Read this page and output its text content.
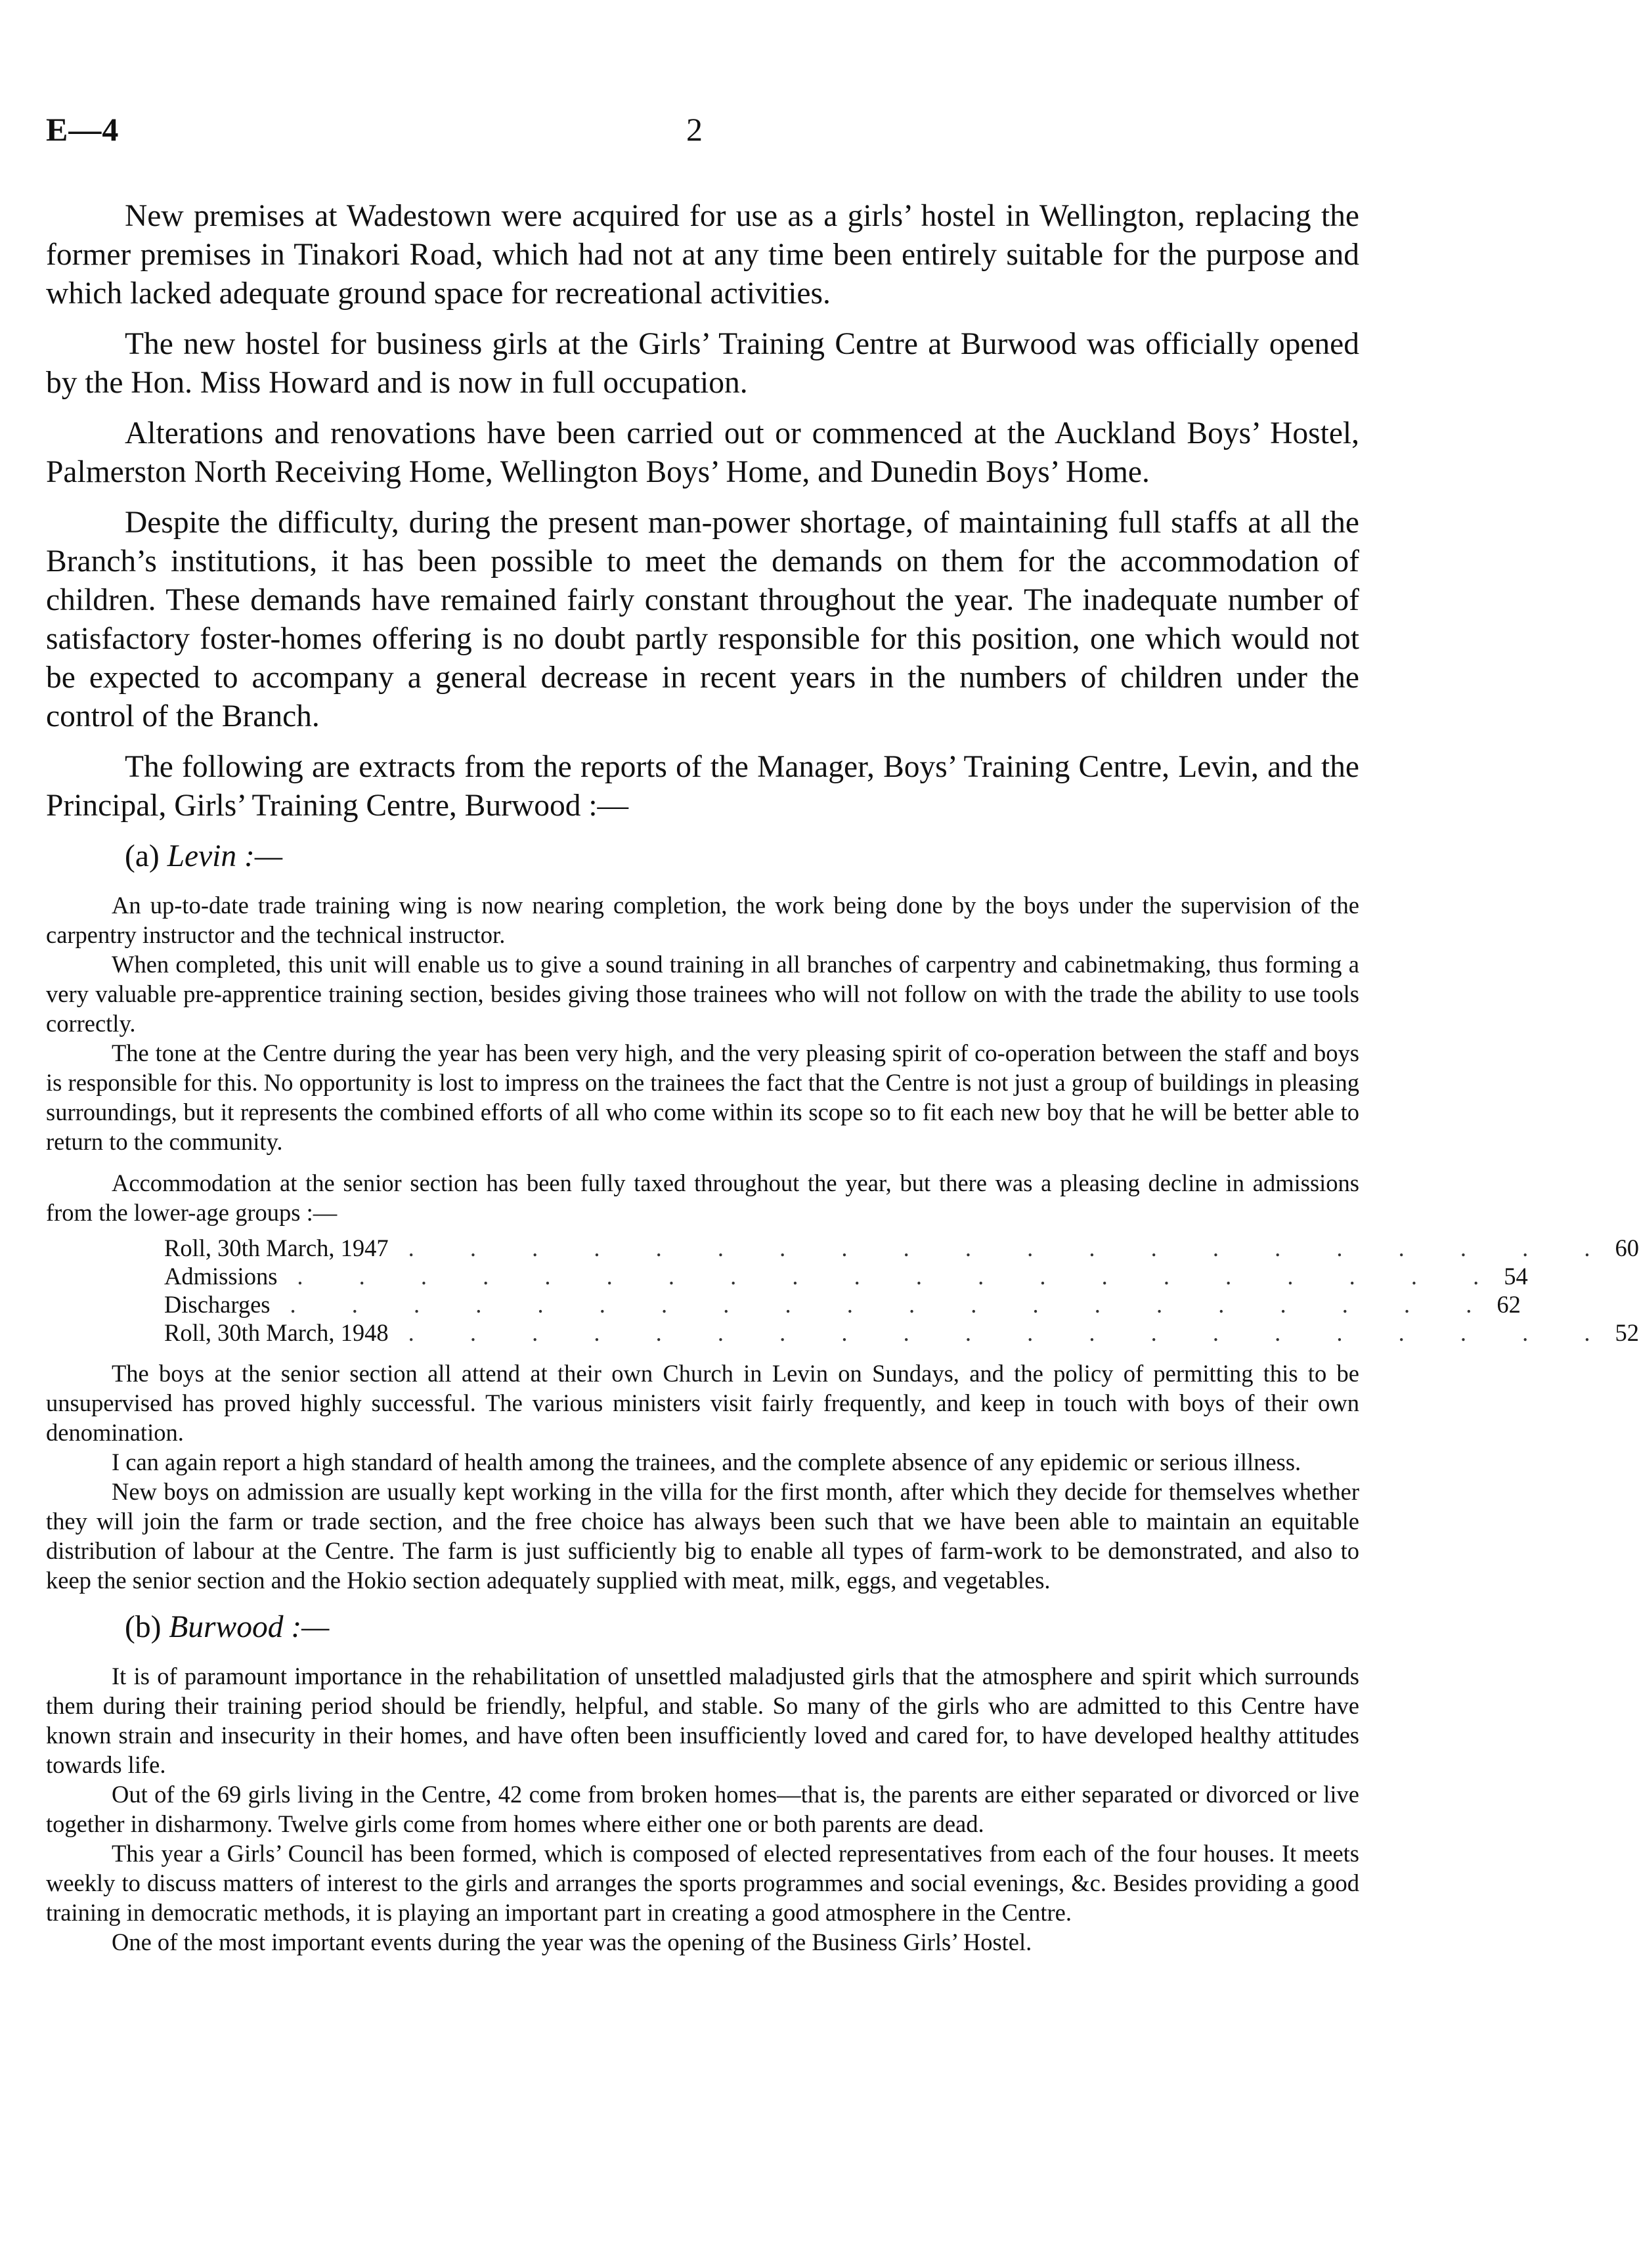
E—4	2

New premises at Wadestown were acquired for use as a girls’ hostel in Wellington, replacing the former premises in Tinakori Road, which had not at any time been entirely suitable for the purpose and which lacked adequate ground space for recreational activities.

The new hostel for business girls at the Girls’ Training Centre at Burwood was officially opened by the Hon. Miss Howard and is now in full occupation.

Alterations and renovations have been carried out or commenced at the Auckland Boys’ Hostel, Palmerston North Receiving Home, Wellington Boys’ Home, and Dunedin Boys’ Home.

Despite the difficulty, during the present man-power shortage, of maintaining full staffs at all the Branch’s institutions, it has been possible to meet the demands on them for the accommodation of children. These demands have remained fairly constant throughout the year. The inadequate number of satisfactory foster-homes offering is no doubt partly responsible for this position, one which would not be expected to accompany a general decrease in recent years in the numbers of children under the control of the Branch.

The following are extracts from the reports of the Manager, Boys’ Training Centre, Levin, and the Principal, Girls’ Training Centre, Burwood :—

(a) Levin :—

An up-to-date trade training wing is now nearing completion, the work being done by the boys under the supervision of the carpentry instructor and the technical instructor.

When completed, this unit will enable us to give a sound training in all branches of carpentry and cabinetmaking, thus forming a very valuable pre-apprentice training section, besides giving those trainees who will not follow on with the trade the ability to use tools correctly.

The tone at the Centre during the year has been very high, and the very pleasing spirit of co-operation between the staff and boys is responsible for this. No opportunity is lost to impress on the trainees the fact that the Centre is not just a group of buildings in pleasing surroundings, but it represents the combined efforts of all who come within its scope so to fit each new boy that he will be better able to return to the community.

Accommodation at the senior section has been fully taxed throughout the year, but there was a pleasing decline in admissions from the lower-age groups :—

Roll, 30th March, 1947 . . . . . . . . . . . . . . . . . . . . 60
Admissions . . . . . . . . . . . . . . . . . . . . 54
Discharges . . . . . . . . . . . . . . . . . . . . 62
Roll, 30th March, 1948 . . . . . . . . . . . . . . . . . . . . 52

The boys at the senior section all attend at their own Church in Levin on Sundays, and the policy of permitting this to be unsupervised has proved highly successful. The various ministers visit fairly frequently, and keep in touch with boys of their own denomination.

I can again report a high standard of health among the trainees, and the complete absence of any epidemic or serious illness.

New boys on admission are usually kept working in the villa for the first month, after which they decide for themselves whether they will join the farm or trade section, and the free choice has always been such that we have been able to maintain an equitable distribution of labour at the Centre. The farm is just sufficiently big to enable all types of farm-work to be demonstrated, and also to keep the senior section and the Hokio section adequately supplied with meat, milk, eggs, and vegetables.

(b) Burwood :—

It is of paramount importance in the rehabilitation of unsettled maladjusted girls that the atmosphere and spirit which surrounds them during their training period should be friendly, helpful, and stable. So many of the girls who are admitted to this Centre have known strain and insecurity in their homes, and have often been insufficiently loved and cared for, to have developed healthy attitudes towards life.

Out of the 69 girls living in the Centre, 42 come from broken homes—that is, the parents are either separated or divorced or live together in disharmony. Twelve girls come from homes where either one or both parents are dead.

This year a Girls’ Council has been formed, which is composed of elected representatives from each of the four houses. It meets weekly to discuss matters of interest to the girls and arranges the sports programmes and social evenings, &c. Besides providing a good training in democratic methods, it is playing an important part in creating a good atmosphere in the Centre.

One of the most important events during the year was the opening of the Business Girls’ Hostel.
